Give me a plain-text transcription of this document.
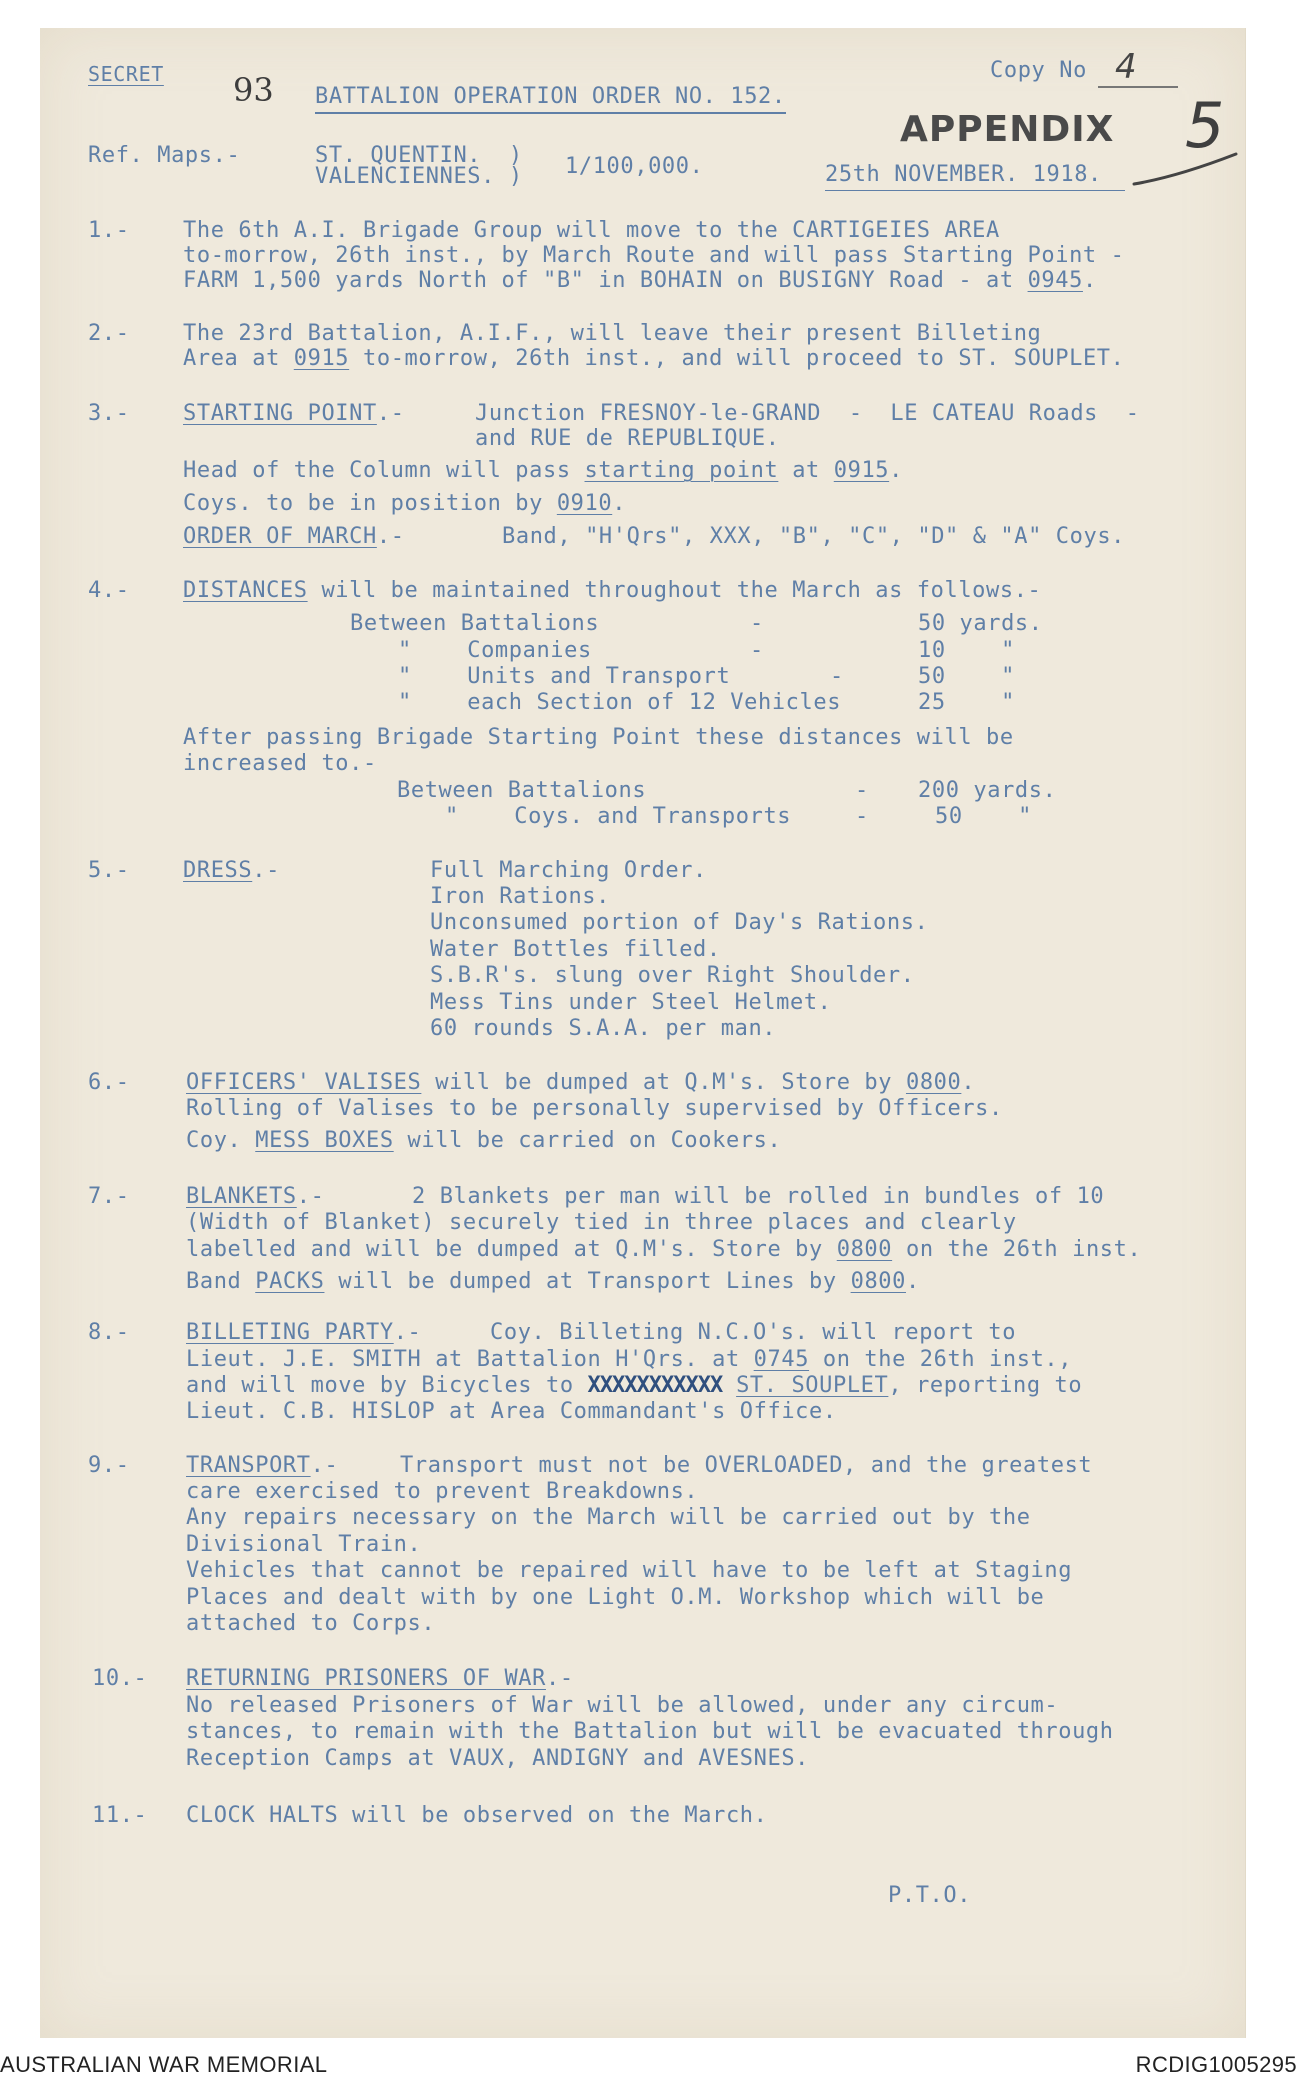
SECRET 93 BATTALION OPERATION ORDER NO. 152.
Copy No 4
APPENDIX 5
Ref. Maps.-	ST. QUENTIN.  )
VALENCIENNES. ) 1/100,000.	25th NOVEMBER. 1918.
1.- The 6th A.I. Brigade Group will move to the CARTIGEIES AREA
to-morrow, 26th inst., by March Route and will pass Starting Point -
FARM 1,500 yards North of "B" in BOHAIN on BUSIGNY Road - at 0945.
2.- The 23rd Battalion, A.I.F., will leave their present Billeting
Area at 0915 to-morrow, 26th inst., and will proceed to ST. SOUPLET.
3.- STARTING POINT.-	Junction FRESNOY-le-GRAND  -  LE CATEAU Roads  -
and RUE de REPUBLIQUE.
Head of the Column will pass starting point at 0915.
Coys. to be in position by 0910.
ORDER OF MARCH.-	Band, "H'Qrs", XXX, "B", "C", "D" & "A" Coys.
4.- DISTANCES will be maintained throughout the March as follows.-
Between Battalions	-	50 yards.
"    Companies	-	10    "
"    Units and Transport	-	50    "
"    each Section of 12 Vehicles	25    "
After passing Brigade Starting Point these distances will be
increased to.-
Between Battalions	- 200 yards.
"    Coys. and Transports	-	50    "
5.- DRESS.-	Full Marching Order.
Iron Rations.
Unconsumed portion of Day's Rations.
Water Bottles filled.
S.B.R's. slung over Right Shoulder.
Mess Tins under Steel Helmet.
60 rounds S.A.A. per man.
6.-	OFFICERS' VALISES will be dumped at Q.M's. Store by 0800.
Rolling of Valises to be personally supervised by Officers.
Coy. MESS BOXES will be carried on Cookers.
7.-	BLANKETS.-	2 Blankets per man will be rolled in bundles of 10
(Width of Blanket) securely tied in three places and clearly
labelled and will be dumped at Q.M's. Store by 0800 on the 26th inst.
Band PACKS will be dumped at Transport Lines by 0800.
8.-	BILLETING PARTY.-	Coy. Billeting N.C.O's. will report to
Lieut. J.E. SMITH at Battalion H'Qrs. at 0745 on the 26th inst.,
and will move by Bicycles to XXXXXXXXXXX ST. SOUPLET, reporting to
Lieut. C.B. HISLOP at Area Commandant's Office.
9.-	TRANSPORT.-	Transport must not be OVERLOADED, and the greatest
care exercised to prevent Breakdowns.
Any repairs necessary on the March will be carried out by the
Divisional Train.
Vehicles that cannot be repaired will have to be left at Staging
Places and dealt with by one Light O.M. Workshop which will be
attached to Corps.
10.- RETURNING PRISONERS OF WAR.-
No released Prisoners of War will be allowed, under any circum-
stances, to remain with the Battalion but will be evacuated through
Reception Camps at VAUX, ANDIGNY and AVESNES.
11.- CLOCK HALTS will be observed on the March.
P.T.O.
AUSTRALIAN WAR MEMORIAL	RCDIG1005295
